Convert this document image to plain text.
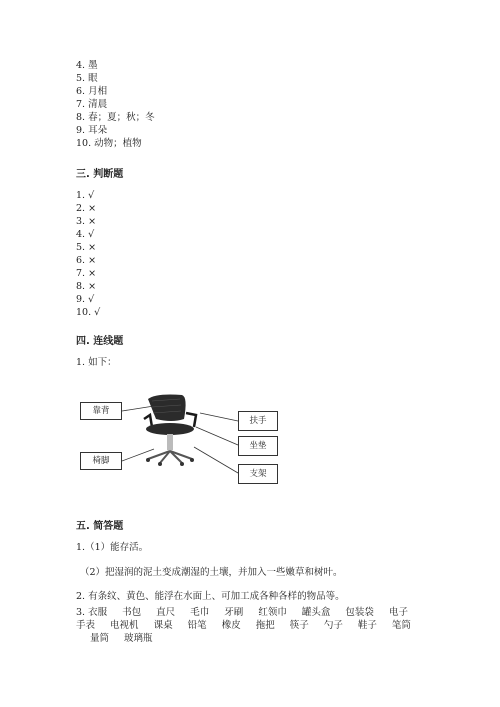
4. 墨
5. 眼
6. 月相
7. 清晨
8. 春；夏；秋；冬
9. 耳朵
10. 动物；植物
三. 判断题
1. √
2. ×
3. ×
4. √
5. ×
6. ×
7. ×
8. ×
9. √
10. √
四. 连线题
1. 如下：
靠背
椅脚
扶手
坐垫
支架
五. 简答题
1.（1）能存活。
（2）把湿润的泥土变成潮湿的土壤，并加入一些嫩草和树叶。
2. 有条纹、黄色、能浮在水面上、可加工成各种各样的物品等。
3. 衣服 书包 直尺 毛巾 牙刷 红领巾 罐头盒 包装袋 电子
手表 电视机 课桌 铅笔 橡皮 拖把 筷子 勺子 鞋子 笔筒
量筒 玻璃瓶
